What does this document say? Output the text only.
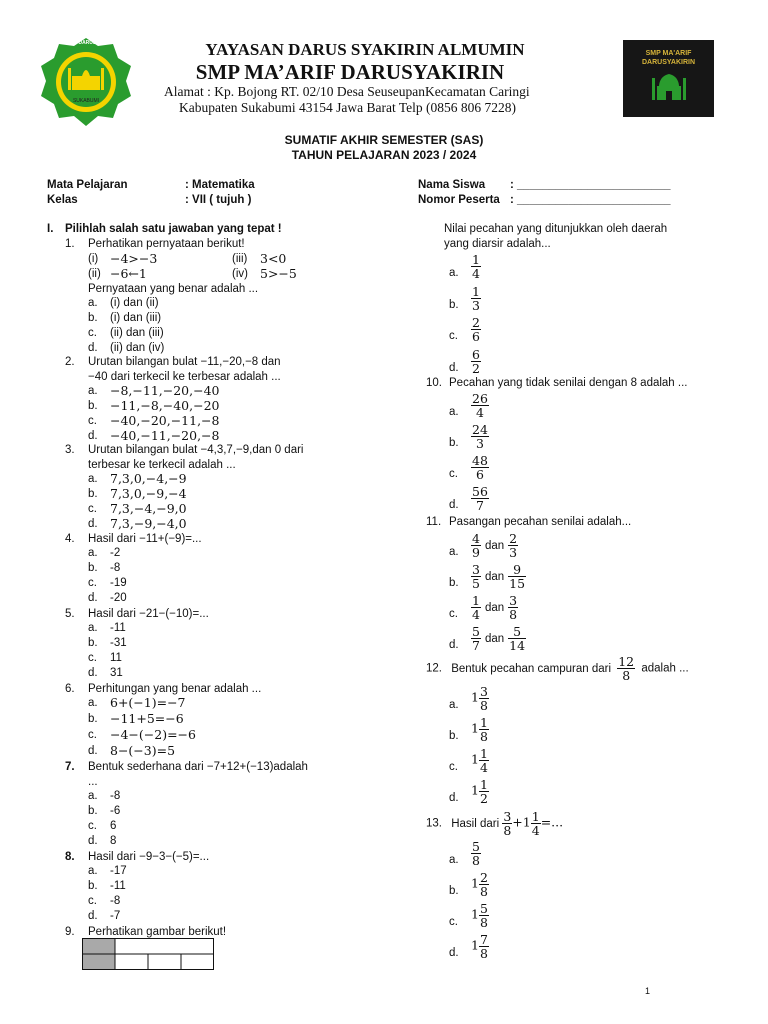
YAYASAN DARUSSYAKIRIN ALMUMIN
SUKABUMI
YAYASAN DARUS SYAKIRIN ALMUMIN
SMP MA’ARIF DARUSYAKIRIN
Alamat : Kp. Bojong RT. 02/10 Desa SeuseupanKecamatan Caringi
Kabupaten Sukabumi 43154 Jawa Barat Telp (0856 806 7228)
SMP MA'ARIF
DARUSYAKIRIN
SUMATIF AKHIR SEMESTER (SAS)
TAHUN PELAJARAN 2023 / 2024
Mata Pelajaran	: Matematika
Kelas	: VII ( tujuh )
Nama Siswa : ________________________
Nomor Peserta : ________________________
I. Pilihlah salah satu jawaban yang tepat !
1. Perhatikan pernyataan berikut!
(i) −4>−3	(iii) 3<0
(ii) −6←1	(iv) 5>−5
Pernyataan yang benar adalah ...
a. (i) dan (ii)
b. (i) dan (iii)
c. (ii) dan (iii)
d. (ii) dan (iv)
2. Urutan bilangan bulat −11,−20,−8 dan
−40 dari terkecil ke terbesar adalah ...
a. −8,−11,−20,−40
b. −11,−8,−40,−20
c. −40,−20,−11,−8
d. −40,−11,−20,−8
3. Urutan bilangan bulat −4,3,7,−9,dan 0 dari
terbesar ke terkecil adalah ...
a. 7,3,0,−4,−9
b. 7,3,0,−9,−4
c. 7,3,−4,−9,0
d. 7,3,−9,−4,0
4. Hasil dari −11+(−9)=...
a. -2
b. -8
c. -19
d. -20
5. Hasil dari −21−(−10)=...
a. -11
b. -31
c. 11
d. 31
6. Perhitungan yang benar adalah ...
a. 6+(−1)=−7
b. −11+5=−6
c. −4−(−2)=−6
d. 8−(−3)=5
7. Bentuk sederhana dari −7+12+(−13)adalah
...
a. -8
b. -6
c. 6
d. 8
8. Hasil dari −9−3−(−5)=...
a. -17
b. -11
c. -8
d. -7
9. Perhatikan gambar berikut!
Nilai pecahan yang ditunjukkan oleh daerah
yang diarsir adalah...
a. $\frac{1}{4}$
b. $\frac{1}{3}$
c. $\frac{2}{6}$
d. $\frac{6}{2}$
10. Pecahan yang tidak senilai dengan 8 adalah ...
a. $\frac{26}{4}$
b. $\frac{24}{3}$
c. $\frac{48}{6}$
d. $\frac{56}{7}$
11. Pasangan pecahan senilai adalah...
a. $\frac{4}{9}$ dan $\frac{2}{3}$
b. $\frac{3}{5}$ dan $\frac{9}{15}$
c. $\frac{1}{4}$ dan $\frac{3}{8}$
d. $\frac{5}{7}$ dan $\frac{5}{14}$
12. Bentuk pecahan campuran dari $\frac{12}{8}$ adalah ...
a.
$1 \frac{3}{8}$
b.
$1 \frac{1}{8}$
c.
$1 \frac{1}{4}$
d.
$1 \frac{1}{2}$
13. Hasil dari $\frac{3}{8} +1 \frac{1}{4}$ =...
a. $\frac{5}{8}$
b.
$1 \frac{2}{8}$
c.
$1 \frac{5}{8}$
d.
$1 \frac{7}{8}$
1
